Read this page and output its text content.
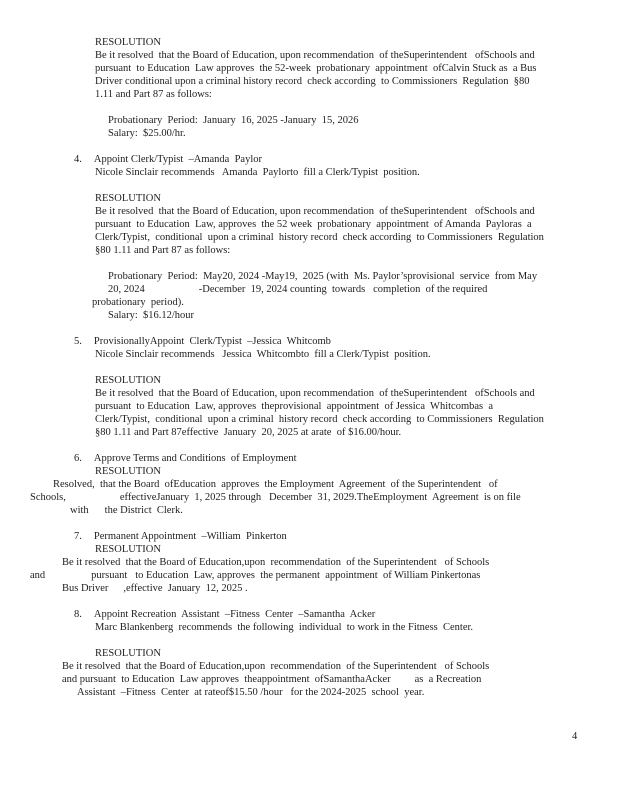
RESOLUTION
Be it resolved  that the Board of Education, upon recommendation  of theSuperintendent   ofSchools and
pursuant  to Education  Law approves  the 52-week  probationary  appointment  ofCalvin Stuck as  a Bus
Driver conditional upon a criminal history record  check according  to Commissioners  Regulation  §80
1.11 and Part 87 as follows:
Probationary  Period:  January  16, 2025 -January  15, 2026
Salary:  $25.00/hr.
4. Appoint Clerk/Typist  –Amanda  Paylor
Nicole Sinclair recommends   Amanda  Paylorto  fill a Clerk/Typist  position.
RESOLUTION
Be it resolved  that the Board of Education, upon recommendation  of theSuperintendent   ofSchools and
pursuant  to Education  Law, approves  the 52 week  probationary  appointment  of Amanda  Payloras  a
Clerk/Typist,  conditional  upon a criminal  history record  check according  to Commissioners  Regulation
§80 1.11 and Part 87 as follows:
Probationary  Period:  May20, 2024 -May19,  2025 (with  Ms. Paylor’sprovisional  service  from May
20, 2024	-December  19, 2024 counting  towards   completion  of the required
probationary  period).
Salary:  $16.12/hour
5. ProvisionallyAppoint  Clerk/Typist  –Jessica  Whitcomb
Nicole Sinclair recommends   Jessica  Whitcombto  fill a Clerk/Typist  position.
RESOLUTION
Be it resolved  that the Board of Education, upon recommendation  of theSuperintendent   ofSchools and
pursuant  to Education  Law, approves  theprovisional  appointment  of Jessica  Whitcombas  a
Clerk/Typist,  conditional  upon a criminal  history record  check according  to Commissioners  Regulation
§80 1.11 and Part 87effective  January  20, 2025 at arate  of $16.00/hour.
6. Approve Terms and Conditions  of Employment
RESOLUTION
Resolved,  that the Board  ofEducation  approves  the Employment  Agreement  of the Superintendent   of
Schools,	effectiveJanuary  1, 2025 through   December  31, 2029.TheEmployment  Agreement  is on file
with the District  Clerk.
7. Permanent Appointment  –William  Pinkerton
RESOLUTION
Be it resolved  that the Board of Education,upon  recommendation  of the Superintendent   of Schools
and	pursuant   to Education  Law, approves  the permanent  appointment  of William Pinkertonas
Bus Driver ,effective  January  12, 2025 .
8. Appoint Recreation  Assistant  –Fitness  Center  –Samantha  Acker
Marc Blankenberg  recommends  the following  individual  to work in the Fitness  Center.
RESOLUTION
Be it resolved  that the Board of Education,upon  recommendation  of the Superintendent   of Schools
and pursuant  to Education  Law approves  theappointment  ofSamanthaAcker as  a Recreation
Assistant  –Fitness  Center  at rateof$15.50 /hour   for the 2024-2025  school  year.
4
